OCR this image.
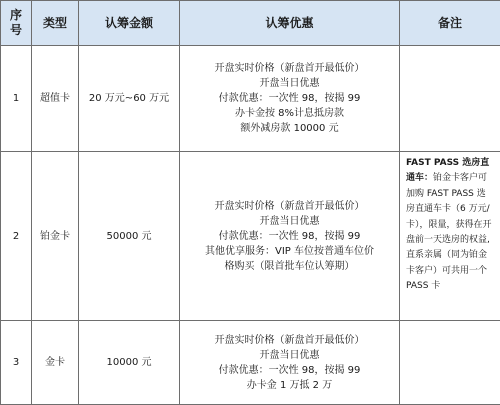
序
号	类型	认筹金额	认筹优惠	备注
1	超值卡	20 万元~60 万元	开盘实时价格（新盘首开最低价）
开盘当日优惠
付款优惠：一次性 98，按揭 99
办卡金按 8%计息抵房款
额外减房款 10000 元	

2	铂金卡	50000 元	开盘实时价格（新盘首开最低价）
开盘当日优惠
付款优惠：一次性 98，按揭 99
其他优享服务：VIP 车位按普通车位价
格购买（限首批车位认筹期）	FAST PASS 选房直通车：铂金卡客户可加购 FAST PASS 选房直通车卡（6 万元/卡），限量，获得在开盘前一天选房的权益,直系亲属（同为铂金卡客户）可共用一个 PASS 卡
3	金卡	10000 元	开盘实时价格（新盘首开最低价）
开盘当日优惠
付款优惠：一次性 98，按揭 99
办卡金 1 万抵 2 万	
